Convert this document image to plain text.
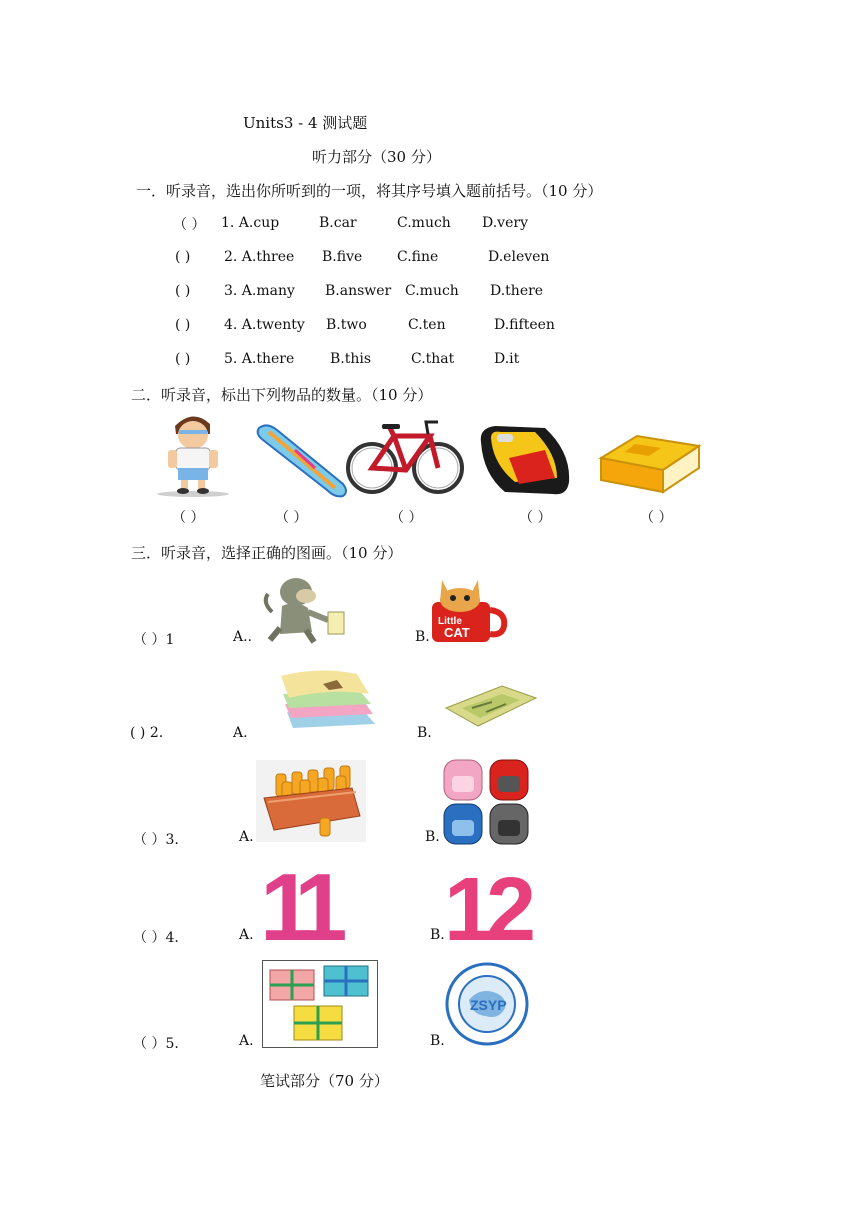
Units3 - 4 测试题
听力部分（30 分）
一．听录音，选出你所听到的一项，将其序号填入题前括号。（10 分）
（ ） 1. A.cup	B.car	C.much D.very
( ) 2. A.three B.five C.fine	D.eleven
( ) 3. A.many B.answer C.much D.there
( ) 4. A.twenty B.two	C.ten	D.fifteen
( ) 5. A.there	B.this	C.that	D.it
二．听录音，标出下列物品的数量。（10 分）
（ ）	（ ）	（ ）	（ ）	（ ）
三．听录音，选择正确的图画。（10 分）
（ ）1	A..	B.
Little
CAT
( ) 2.	A.	B.
（ ）3.	A.	B.
（ ）4.	A. 11	B. 12
（ ）5.	A.	B.
ZSYP
笔试部分（70 分）
